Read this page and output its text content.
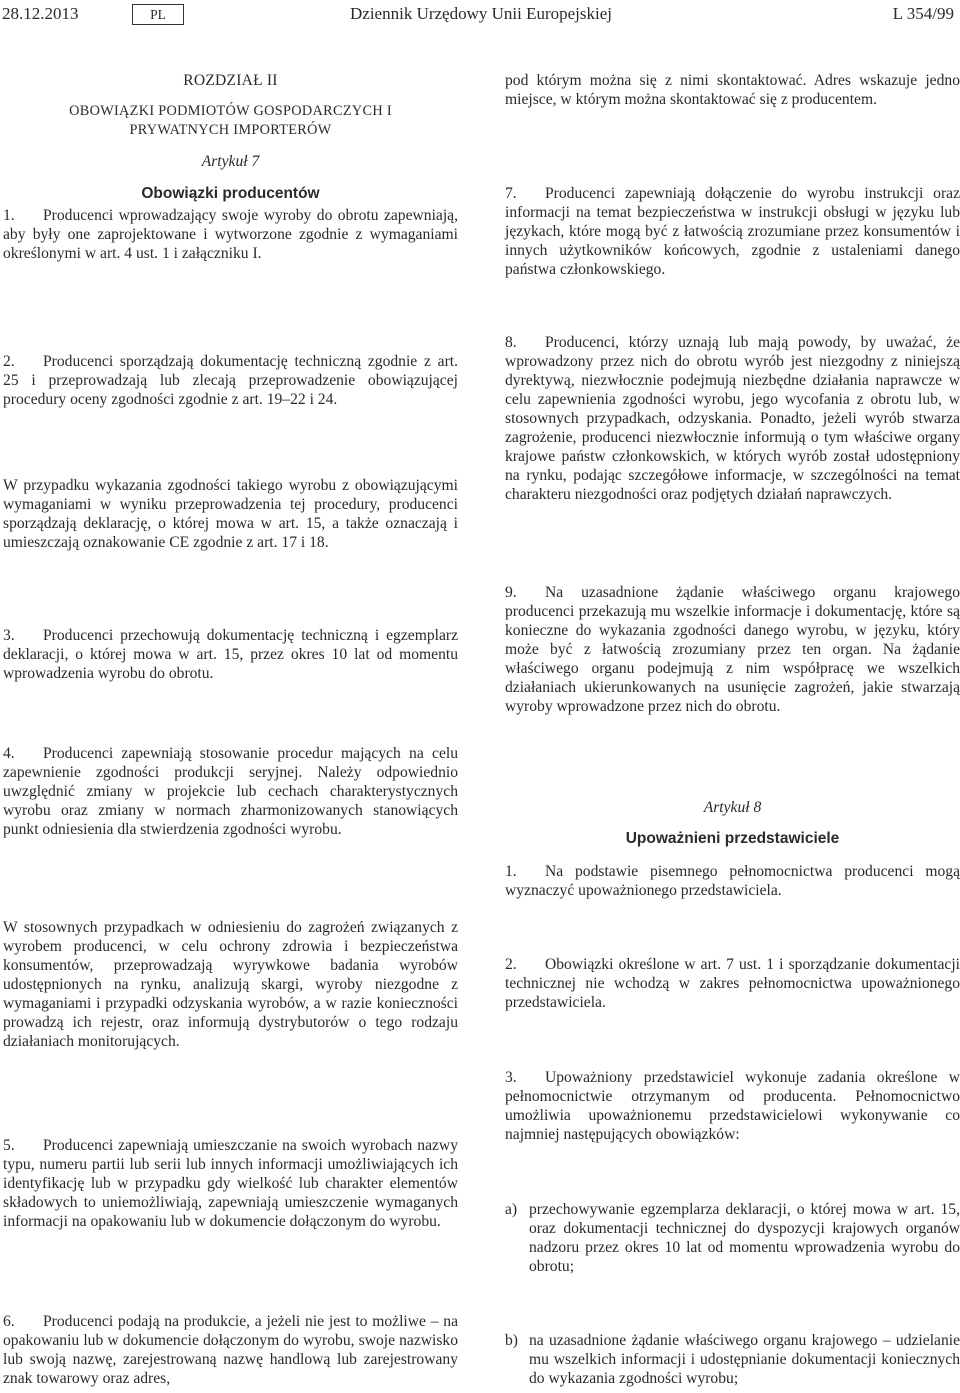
28.12.2013	PL	Dziennik Urzędowy Unii Europejskiej	L 354/99
ROZDZIAŁ II
OBOWIĄZKI PODMIOTÓW GOSPODARCZYCH I
PRYWATNYCH IMPORTERÓW
Artykuł 7
Obowiązki producentów

1. Producenci wprowadzający swoje wyroby do obrotu zapewniają, aby były one zaprojektowane i wytworzone zgodnie z wymaganiami określonymi w art. 4 ust. 1 i załączniku I.

2. Producenci sporządzają dokumentację techniczną zgodnie z art. 25 i przeprowadzają lub zlecają przeprowadzenie obowiązującej procedury oceny zgodności zgodnie z art. 19–22 i 24.

W przypadku wykazania zgodności takiego wyrobu z obowiązującymi wymaganiami w wyniku przeprowadzenia tej procedury, producenci sporządzają deklarację, o której mowa w art. 15, a także oznaczają i umieszczają oznakowanie CE zgodnie z art. 17 i 18.

3. Producenci przechowują dokumentację techniczną i egzemplarz deklaracji, o której mowa w art. 15, przez okres 10 lat od momentu wprowadzenia wyrobu do obrotu.

4. Producenci zapewniają stosowanie procedur mających na celu zapewnienie zgodności produkcji seryjnej. Należy odpowiednio uwzględnić zmiany w projekcie lub cechach charakterystycznych wyrobu oraz zmiany w normach zharmonizowanych stanowiących punkt odniesienia dla stwierdzenia zgodności wyrobu.

W stosownych przypadkach w odniesieniu do zagrożeń związanych z wyrobem producenci, w celu ochrony zdrowia i bezpieczeństwa konsumentów, przeprowadzają wyrywkowe badania wyrobów udostępnionych na rynku, analizują skargi, wyroby niezgodne z wymaganiami i przypadki odzyskania wyrobów, a w razie konieczności prowadzą ich rejestr, oraz informują dystrybutorów o tego rodzaju działaniach monitorujących.

5. Producenci zapewniają umieszczanie na swoich wyrobach nazwy typu, numeru partii lub serii lub innych informacji umożliwiających ich identyfikację lub w przypadku gdy wielkość lub charakter elementów składowych to uniemożliwiają, zapewniają umieszczenie wymaganych informacji na opakowaniu lub w dokumencie dołączonym do wyrobu.

6. Producenci podają na produkcie, a jeżeli nie jest to możliwe – na opakowaniu lub w dokumencie dołączonym do wyrobu, swoje nazwisko lub swoją nazwę, zarejestrowaną nazwę handlową lub zarejestrowany znak towarowy oraz adres,

pod którym można się z nimi skontaktować. Adres wskazuje jedno miejsce, w którym można skontaktować się z producentem.

7. Producenci zapewniają dołączenie do wyrobu instrukcji oraz informacji na temat bezpieczeństwa w instrukcji obsługi w języku lub językach, które mogą być z łatwością zrozumiane przez konsumentów i innych użytkowników końcowych, zgodnie z ustaleniami danego państwa członkowskiego.

8. Producenci, którzy uznają lub mają powody, by uważać, że wprowadzony przez nich do obrotu wyrób jest niezgodny z niniejszą dyrektywą, niezwłocznie podejmują niezbędne działania naprawcze w celu zapewnienia zgodności wyrobu, jego wycofania z obrotu lub, w stosownych przypadkach, odzyskania. Ponadto, jeżeli wyrób stwarza zagrożenie, producenci niezwłocznie informują o tym właściwe organy krajowe państw członkowskich, w których wyrób został udostępniony na rynku, podając szczegółowe informacje, w szczególności na temat charakteru niezgodności oraz podjętych działań naprawczych.

9. Na uzasadnione żądanie właściwego organu krajowego producenci przekazują mu wszelkie informacje i dokumentację, które są konieczne do wykazania zgodności danego wyrobu, w języku, który może być z łatwością zrozumiany przez ten organ. Na żądanie właściwego organu podejmują z nim współpracę we wszelkich działaniach ukierunkowanych na usunięcie zagrożeń, jakie stwarzają wyroby wprowadzone przez nich do obrotu.

Artykuł 8
Upoważnieni przedstawiciele

1. Na podstawie pisemnego pełnomocnictwa producenci mogą wyznaczyć upoważnionego przedstawiciela.

2. Obowiązki określone w art. 7 ust. 1 i sporządzanie dokumentacji technicznej nie wchodzą w zakres pełnomocnictwa upoważnionego przedstawiciela.

3. Upoważniony przedstawiciel wykonuje zadania określone w pełnomocnictwie otrzymanym od producenta. Pełnomocnictwo umożliwia upoważnionemu przedstawicielowi wykonywanie co najmniej następujących obowiązków:

a) przechowywanie egzemplarza deklaracji, o której mowa w art. 15, oraz dokumentacji technicznej do dyspozycji krajowych organów nadzoru przez okres 10 lat od momentu wprowadzenia wyrobu do obrotu;
b) na uzasadnione żądanie właściwego organu krajowego – udzielanie mu wszelkich informacji i udostępnianie dokumentacji koniecznych do wykazania zgodności wyrobu;
